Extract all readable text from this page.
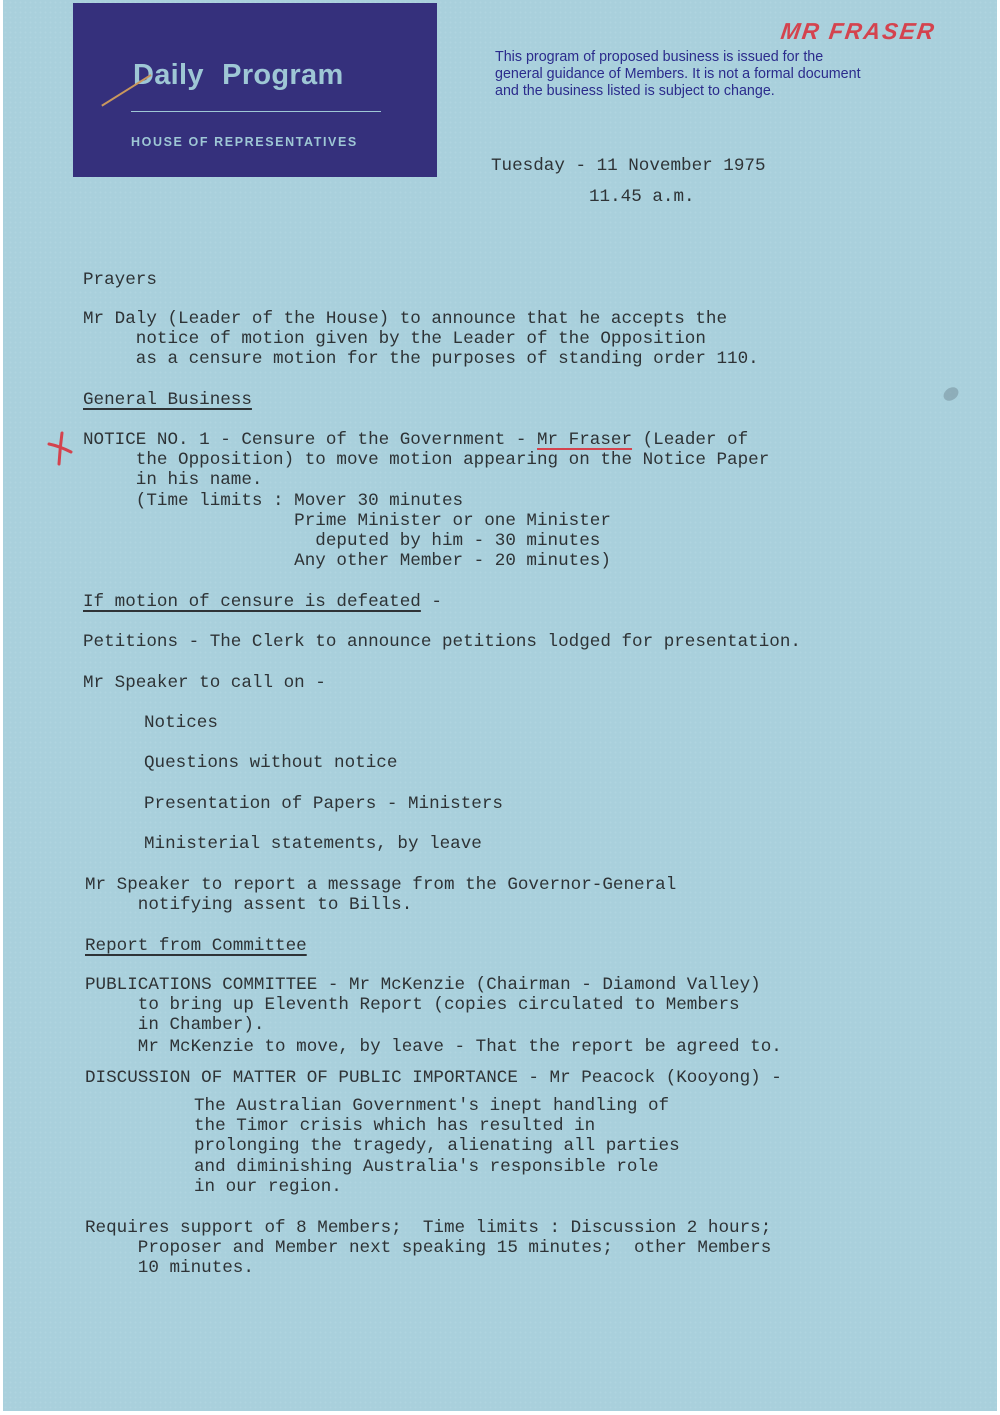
Daily Program
HOUSE OF REPRESENTATIVES
MR FRASER
This program of proposed business is issued for the
general guidance of Members. It is not a formal document
and the business listed is subject to change.
Tuesday - 11 November 1975
11.45 a.m.
Prayers
Mr Daly (Leader of the House) to announce that he accepts the
notice of motion given by the Leader of the Opposition
as a censure motion for the purposes of standing order 110.
General Business
NOTICE NO. 1 - Censure of the Government - Mr Fraser (Leader of
the Opposition) to move motion appearing on the Notice Paper
in his name.
(Time limits : Mover 30 minutes
Prime Minister or one Minister
deputed by him - 30 minutes
Any other Member - 20 minutes)
If motion of censure is defeated -
Petitions - The Clerk to announce petitions lodged for presentation.
Mr Speaker to call on -
Notices
Questions without notice
Presentation of Papers - Ministers
Ministerial statements, by leave
Mr Speaker to report a message from the Governor-General
notifying assent to Bills.
Report from Committee
PUBLICATIONS COMMITTEE - Mr McKenzie (Chairman - Diamond Valley)
to bring up Eleventh Report (copies circulated to Members
in Chamber).
Mr McKenzie to move, by leave - That the report be agreed to.
DISCUSSION OF MATTER OF PUBLIC IMPORTANCE - Mr Peacock (Kooyong) -
The Australian Government's inept handling of
the Timor crisis which has resulted in
prolonging the tragedy, alienating all parties
and diminishing Australia's responsible role
in our region.
Requires support of 8 Members;  Time limits : Discussion 2 hours;
Proposer and Member next speaking 15 minutes;  other Members
10 minutes.
